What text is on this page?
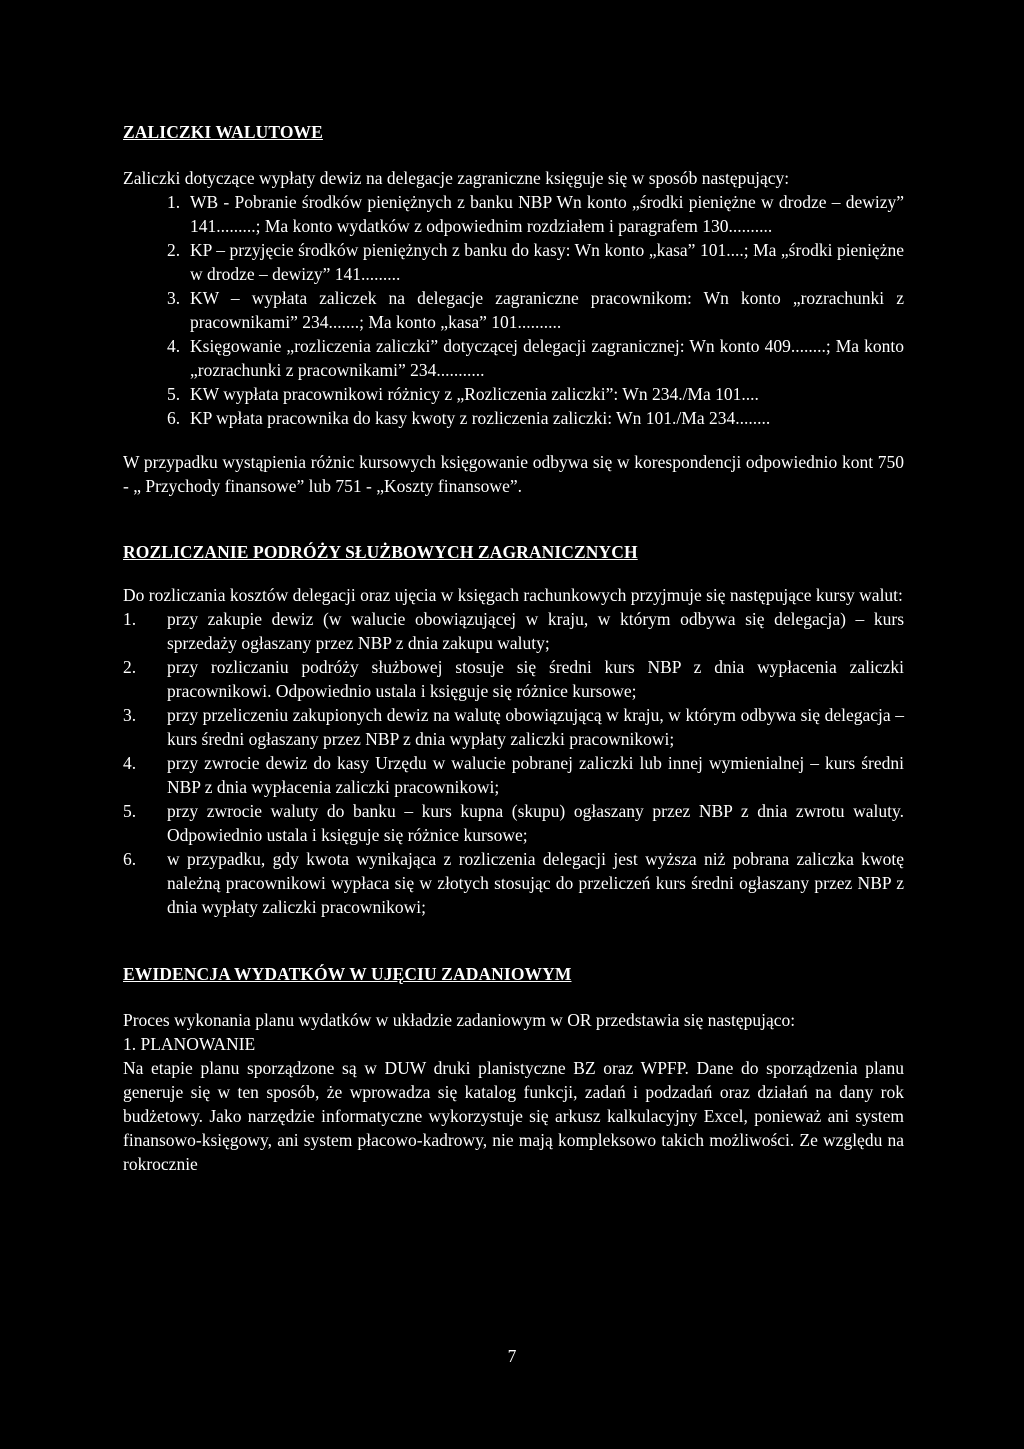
ZALICZKI WALUTOWE

Zaliczki dotyczące wypłaty dewiz na delegacje zagraniczne księguje się w sposób następujący:

1. WB - Pobranie środków pieniężnych z banku NBP Wn konto „środki pieniężne w drodze – dewizy” 141.........; Ma konto wydatków z odpowiednim rozdziałem i paragrafem 130..........
2. KP – przyjęcie środków pieniężnych z banku do kasy: Wn konto „kasa” 101....; Ma „środki pieniężne w drodze – dewizy” 141.........
3. KW – wypłata zaliczek na delegacje zagraniczne pracownikom: Wn konto „rozrachunki z pracownikami” 234.......; Ma konto „kasa” 101..........
4. Księgowanie „rozliczenia zaliczki” dotyczącej delegacji zagranicznej: Wn konto 409........; Ma konto „rozrachunki z pracownikami” 234...........
5. KW wypłata pracownikowi różnicy z „Rozliczenia zaliczki”: Wn 234./Ma 101....
6. KP wpłata pracownika do kasy kwoty z rozliczenia zaliczki: Wn 101./Ma 234........

W przypadku wystąpienia różnic kursowych księgowanie odbywa się w korespondencji odpowiednio kont 750 - „ Przychody finansowe” lub 751 - „Koszty finansowe”.

ROZLICZANIE PODRÓŻY SŁUŻBOWYCH ZAGRANICZNYCH

Do rozliczania kosztów delegacji oraz ujęcia w księgach rachunkowych przyjmuje się następujące kursy walut:

1. przy zakupie dewiz (w walucie obowiązującej w kraju, w którym odbywa się delegacja) – kurs sprzedaży ogłaszany przez NBP z dnia zakupu waluty;
2. przy rozliczaniu podróży służbowej stosuje się średni kurs NBP z dnia wypłacenia zaliczki pracownikowi. Odpowiednio ustala i księguje się różnice kursowe;
3. przy przeliczeniu zakupionych dewiz na walutę obowiązującą w kraju, w którym odbywa się delegacja – kurs średni ogłaszany przez NBP z dnia wypłaty zaliczki pracownikowi;
4. przy zwrocie dewiz do kasy Urzędu w walucie pobranej zaliczki lub innej wymienialnej – kurs średni NBP z dnia wypłacenia zaliczki pracownikowi;
5. przy zwrocie waluty do banku – kurs kupna (skupu) ogłaszany przez NBP z dnia zwrotu waluty. Odpowiednio ustala i księguje się różnice kursowe;
6. w przypadku, gdy kwota wynikająca z rozliczenia delegacji jest wyższa niż pobrana zaliczka kwotę należną pracownikowi wypłaca się w złotych stosując do przeliczeń kurs średni ogłaszany przez NBP z dnia wypłaty zaliczki pracownikowi;
EWIDENCJA WYDATKÓW W UJĘCIU ZADANIOWYM

Proces wykonania planu wydatków w układzie zadaniowym w OR przedstawia się następująco:

1. PLANOWANIE

Na etapie planu sporządzone są w DUW druki planistyczne BZ oraz WPFP. Dane do sporządzenia planu generuje się w ten sposób, że wprowadza się katalog funkcji, zadań i podzadań oraz działań na dany rok budżetowy. Jako narzędzie informatyczne wykorzystuje się arkusz kalkulacyjny Excel, ponieważ ani system finansowo-księgowy, ani system płacowo-kadrowy, nie mają kompleksowo takich możliwości. Ze względu na rokrocznie

7
